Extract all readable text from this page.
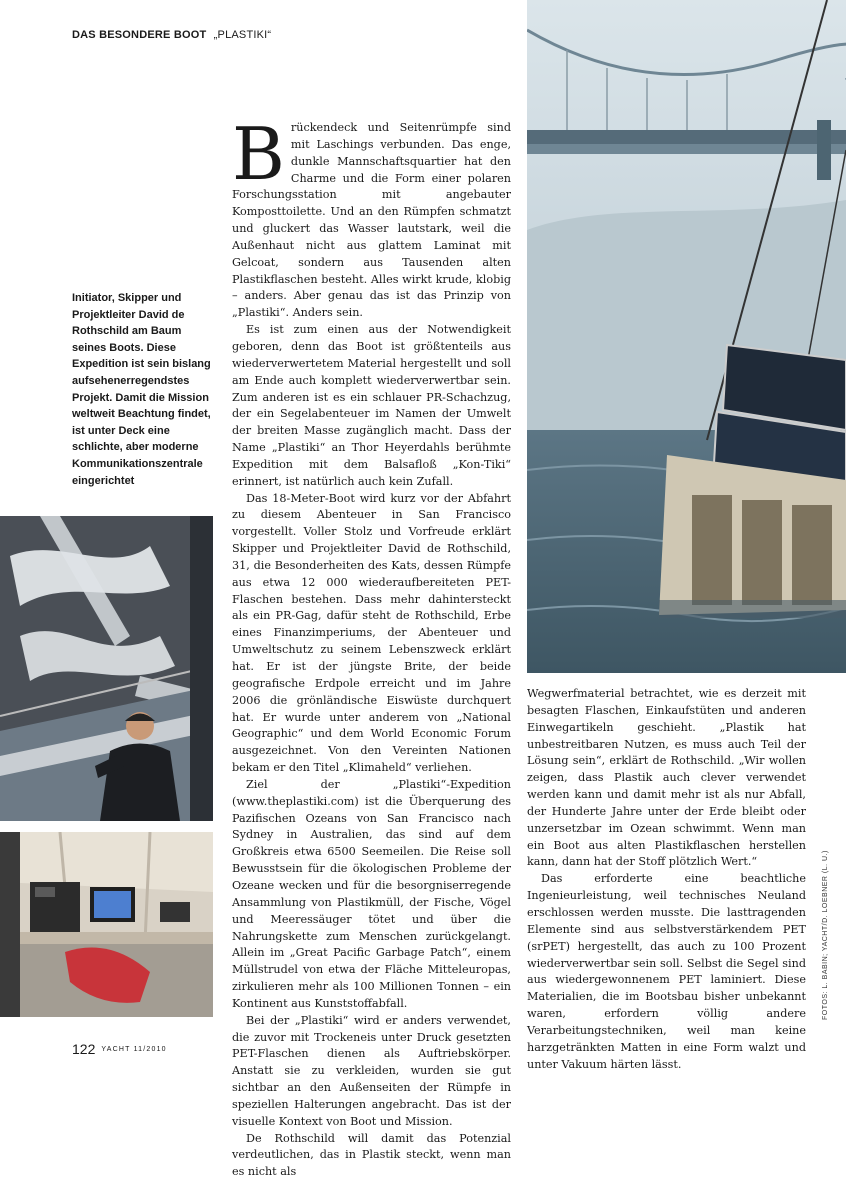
DAS BESONDERE BOOT „PLASTIKI“
Initiator, Skipper und Projektleiter David de Rothschild am Baum seines Boots. Diese Expedition ist sein bislang aufsehenerregendstes Projekt. Damit die Mission weltweit Beachtung findet, ist unter Deck eine schlichte, aber moderne Kommunikationszentrale eingerichtet

Brückendeck und Seitenrümpfe sind mit Laschings verbunden. Das enge, dunkle Mannschaftsquartier hat den Charme und die Form einer polaren Forschungsstation mit angebauter Komposttoilette. Und an den Rümpfen schmatzt und gluckert das Wasser lautstark, weil die Außenhaut nicht aus glattem Laminat mit Gelcoat, sondern aus Tausenden alten Plastikflaschen besteht. Alles wirkt krude, klobig – anders. Aber genau das ist das Prinzip von „Plastiki“. Anders sein.

Es ist zum einen aus der Notwendigkeit geboren, denn das Boot ist größtenteils aus wiederverwertetem Material hergestellt und soll am Ende auch komplett wiederverwertbar sein. Zum anderen ist es ein schlauer PR-Schachzug, der ein Segelabenteuer im Namen der Umwelt der breiten Masse zugänglich macht. Dass der Name „Plastiki“ an Thor Heyerdahls berühmte Expedition mit dem Balsafloß „Kon-Tiki“ erinnert, ist natürlich auch kein Zufall.

Das 18-Meter-Boot wird kurz vor der Abfahrt zu diesem Abenteuer in San Francisco vorgestellt. Voller Stolz und Vorfreude erklärt Skipper und Projektleiter David de Rothschild, 31, die Besonderheiten des Kats, dessen Rümpfe aus etwa 12 000 wiederaufbereiteten PET-Flaschen bestehen. Dass mehr dahintersteckt als ein PR-Gag, dafür steht de Rothschild, Erbe eines Finanzimperiums, der Abenteuer und Umweltschutz zu seinem Lebenszweck erklärt hat. Er ist der jüngste Brite, der beide geografische Erdpole erreicht und im Jahre 2006 die grönländische Eiswüste durchquert hat. Er wurde unter anderem von „National Geographic“ und dem World Economic Forum ausgezeichnet. Von den Vereinten Nationen bekam er den Titel „Klimaheld“ verliehen.

Ziel der „Plastiki“-Expedition (www.theplastiki.com) ist die Überquerung des Pazifischen Ozeans von San Francisco nach Sydney in Australien, das sind auf dem Großkreis etwa 6500 Seemeilen. Die Reise soll Bewusstsein für die ökologischen Probleme der Ozeane wecken und für die besorgniserregende Ansammlung von Plastikmüll, der Fische, Vögel und Meeressäuger tötet und über die Nahrungskette zum Menschen zurückgelangt. Allein im „Great Pacific Garbage Patch“, einem Müllstrudel von etwa der Fläche Mitteleuropas, zirkulieren mehr als 100 Millionen Tonnen – ein Kontinent aus Kunststoffabfall.

Bei der „Plastiki“ wird er anders verwendet, die zuvor mit Trockeneis unter Druck gesetzten PET-Flaschen dienen als Auftriebskörper. Anstatt sie zu verkleiden, wurden sie gut sichtbar an den Außenseiten der Rümpfe in speziellen Halterungen angebracht. Das ist der visuelle Kontext von Boot und Mission.

De Rothschild will damit das Potenzial verdeutlichen, das in Plastik steckt, wenn man es nicht als

Wegwerfmaterial betrachtet, wie es derzeit mit besagten Flaschen, Einkaufstüten und anderen Einwegartikeln geschieht. „Plastik hat unbestreitbaren Nutzen, es muss auch Teil der Lösung sein“, erklärt de Rothschild. „Wir wollen zeigen, dass Plastik auch clever verwendet werden kann und damit mehr ist als nur Abfall, der Hunderte Jahre unter der Erde bleibt oder unzersetzbar im Ozean schwimmt. Wenn man ein Boot aus alten Plastikflaschen herstellen kann, dann hat der Stoff plötzlich Wert.“

Das erforderte eine beachtliche Ingenieurleistung, weil technisches Neuland erschlossen werden musste. Die lasttragenden Elemente sind aus selbstverstärkendem PET (srPET) hergestellt, das auch zu 100 Prozent wiederverwertbar sein soll. Selbst die Segel sind aus wiedergewonnenem PET laminiert. Diese Materialien, die im Bootsbau bisher unbekannt waren, erfordern völlig andere Verarbeitungstechniken, weil man keine harzgetränkten Matten in eine Form walzt und unter Vakuum härten lässt.

122 YACHT 11/2010
FOTOS: L. BABIN; YACHT/D. LOEBNER (L. U.)
